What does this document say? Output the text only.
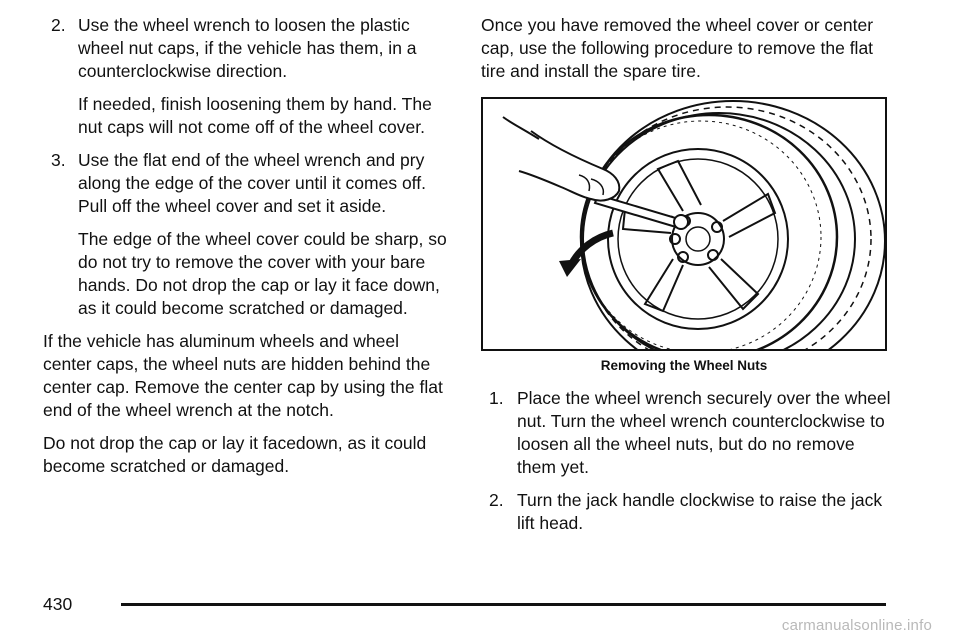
2. Use the wheel wrench to loosen the plastic wheel nut caps, if the vehicle has them, in a counterclockwise direction.

If needed, finish loosening them by hand. The nut caps will not come off of the wheel cover.

3. Use the flat end of the wheel wrench and pry along the edge of the cover until it comes off. Pull off the wheel cover and set it aside.

The edge of the wheel cover could be sharp, so do not try to remove the cover with your bare hands. Do not drop the cap or lay it face down, as it could become scratched or damaged.

If the vehicle has aluminum wheels and wheel center caps, the wheel nuts are hidden behind the center cap. Remove the center cap by using the flat end of the wheel wrench at the notch.

Do not drop the cap or lay it facedown, as it could become scratched or damaged.

Once you have removed the wheel cover or center cap, use the following procedure to remove the flat tire and install the spare tire.

Removing the Wheel Nuts
1. Place the wheel wrench securely over the wheel nut. Turn the wheel wrench counterclockwise to loosen all the wheel nuts, but do no remove them yet.
2. Turn the jack handle clockwise to raise the jack lift head.
430
carmanualsonline.info
